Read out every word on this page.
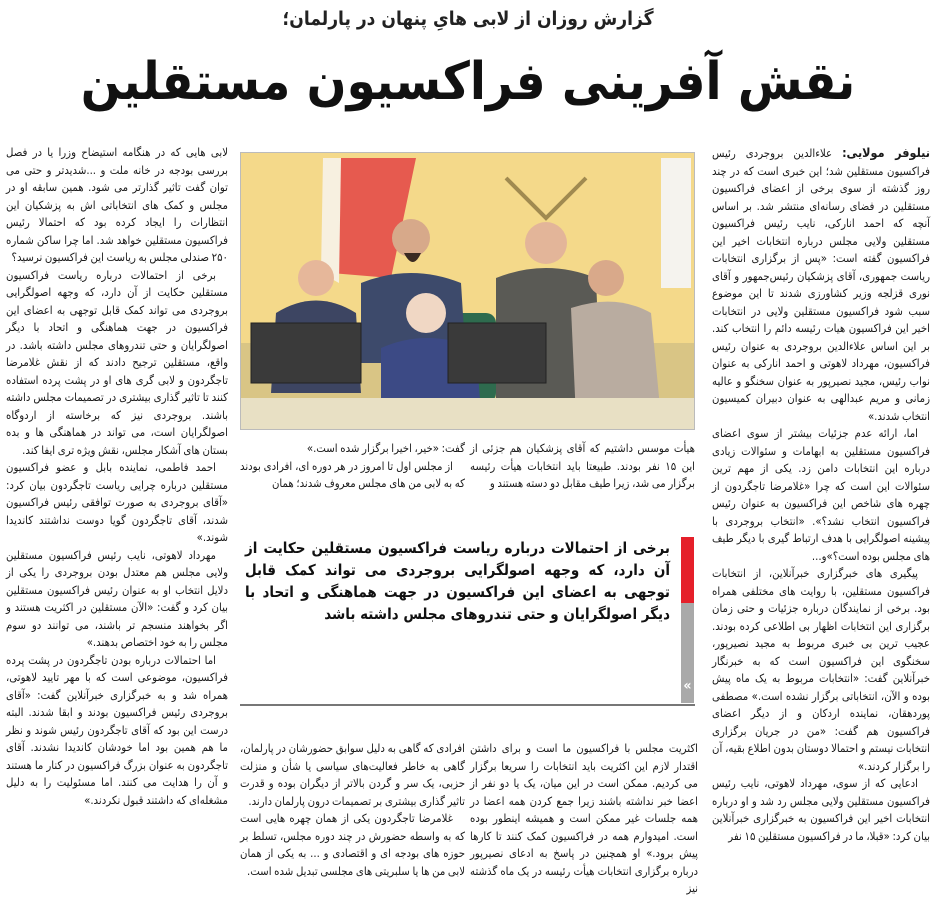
گزارش روزان از لابی هایِ پنهان در پارلمان؛
نقش آفرینی فراکسیون مستقلین

نیلوفر مولایی: علاءالدین بروجردی رئیس فراکسیون مستقلین شد؛ این خبری است که در چند روز گذشته از سوی برخی از اعضای فراکسیون مستقلین در فضای رسانه‌ای منتشر شد. بر اساس آنچه که احمد انارکی، نایب رئیس فراکسیون مستقلین ولایی مجلس درباره انتخابات اخیر این فراکسیون گفته است: «پس از برگزاری انتخابات ریاست جمهوری، آقای پزشکیان رئیس‌جمهور و آقای نوری قزلجه وزیر کشاورزی شدند تا این موضوع سبب شود فراکسیون مستقلین ولایی در انتخابات اخیر این فراکسیون هیات رئیسه دائم را انتخاب کند. بر این اساس علاءالدین بروجردی به عنوان رئیس فراکسیون، مهرداد لاهوتی و احمد انارکی به عنوان نواب رئیس، مجید نصیرپور به عنوان سخنگو و عالیه زمانی و مریم عبدالهی به عنوان دبیران کمیسیون انتخاب شدند.»

اما، ارائه عدم جزئیات بیشتر از سوی اعضای فراکسیون مستقلین به ابهامات و سئوالات زیادی درباره این انتخابات دامن زد. یکی از مهم ترین سئوالات این است که چرا «غلامرضا تاجگردون از چهره های شاخص این فراکسیون به عنوان رئیس فراکسیون انتخاب نشد؟». «انتخاب بروجردی با پیشینه اصولگرایی با هدف ارتباط گیری با دیگر طیف های مجلس بوده است؟»و...

پیگیری های خبرگزاری خبرآنلاین، از انتخابات فراکسیون مستقلین، با روایت های مختلفی همراه بود. برخی از نمایندگان درباره جزئیات و حتی زمان برگزاری این انتخابات اظهار بی اطلاعی کرده بودند. عجیب ترین بی خبری مربوط به مجید نصیرپور، سخنگوی این فراکسیون است که به خبرنگار خبرآنلاین گفت: «انتخابات مربوط به یک ماه پیش بوده و الآن، انتخاباتی برگزار نشده است.» مصطفی پوردهقان، نماینده اردکان و از دیگر اعضای فراکسیون هم گفت: «من در جریان برگزاری انتخابات نیستم و احتمالا دوستان بدون اطلاع بقیه، آن را برگزار کردند.»

ادعایی که از سوی، مهرداد لاهوتی، نایب رئیس فراکسیون مستقلین ولایی مجلس رد شد و او درباره انتخابات اخیر این فراکسیون به خبرگزاری خبرآنلاین بیان کرد: «قبلا، ما در فراکسیون مستقلین ۱۵ نفر

هیأت موسس داشتیم که آقای پزشکیان هم جزئی از این ۱۵ نفر بودند. طبیعتا باید انتخابات هیأت رئیسه برگزار می شد، زیرا طیف مقابل دو دسته هستند و

گفت: «خیر، اخیرا برگزار شده است.»

از مجلس اول تا امروز در هر دوره ای، افرادی بودند که به لابی من های مجلس معروف شدند؛ همان

برخی از احتمالات درباره ریاست فراکسیون مستقلین حکایت از آن دارد، که وجهه اصولگرایی بروجردی می تواند کمک قابل توجهی به اعضای این فراکسیون در جهت هماهنگی و اتحاد با دیگر اصولگرایان و حتی تندروهای مجلس داشته باشد
«

اکثریت مجلس با فراکسیون ما است و برای داشتن اقتدار لازم این اکثریت باید انتخابات را سریعا برگزار می کردیم. ممکن است در این میان، یک یا دو نفر از اعضا خبر نداشته باشند زیرا جمع کردن همه اعضا در همه جلسات غیر ممکن است و همیشه اینطور بوده است. امیدوارم همه در فراکسیون کمک کنند تا کارها پیش برود.» او همچنین در پاسخ به ادعای نصیرپور درباره برگزاری انتخابات هیأت رئیسه در یک ماه گذشته نیز

افرادی که گاهی به دلیل سوابق حضورشان در پارلمان، گاهی به خاطر فعالیت‌های سیاسی یا شأن و منزلت حزبی، یک سر و گردن بالاتر از دیگران بوده و قدرت تاثیر گذاری بیشتری بر تصمیمات درون پارلمان دارند.

غلامرضا تاجگردون یکی از همان چهره هایی است که به واسطه حضورش در چند دوره مجلس، تسلط بر حوزه های بودجه ای و اقتصادی و ... به یکی از همان لابی من ها یا سلبریتی های مجلسی تبدیل شده است.

لابی هایی که در هنگامه استیضاح وزرا یا در فصل بررسی بودجه در خانه ملت و ...شدیدتر و حتی می توان گفت تاثیر گذارتر می شود. همین سابقه او در مجلس و کمک های انتخاباتی اش به پزشکیان این انتظارات را ایجاد کرده بود که احتمالا رئیس فراکسیون مستقلین خواهد شد. اما چرا ساکن شماره ۲۵۰ صندلی مجلس به ریاست این فراکسیون نرسید؟

برخی از احتمالات درباره ریاست فراکسیون مستقلین حکایت از آن دارد، که وجهه اصولگرایی بروجردی می تواند کمک قابل توجهی به اعضای این فراکسیون در جهت هماهنگی و اتحاد با دیگر اصولگرایان و حتی تندروهای مجلس داشته باشد. در واقع، مستقلین ترجیح دادند که از نقش غلامرضا تاجگردون و لابی گری های او در پشت پرده استفاده کنند تا تاثیر گذاری بیشتری در تصمیمات مجلس داشته باشند. بروجردی نیز که برخاسته از اردوگاه اصولگرایان است، می تواند در هماهنگی ها و بده بستان های آشکار مجلس، نقش ویژه تری ایفا کند.

احمد فاطمی، نماینده بابل و عضو فراکسیون مستقلین درباره چرایی ریاست تاجگردون بیان کرد: «آقای بروجردی به صورت توافقی رئیس فراکسیون شدند، آقای تاجگردون گویا دوست نداشتند کاندیدا شوند.»

مهرداد لاهوتی، نایب رئیس فراکسیون مستقلین ولایی مجلس هم معتدل بودن بروجردی را یکی از دلایل انتخاب او به عنوان رئیس فراکسیون مستقلین بیان کرد و گفت: «الآن مستقلین در اکثریت هستند و اگر بخواهند منسجم تر باشند، می توانند دو سوم مجلس را به خود اختصاص بدهند.»

اما احتمالات درباره بودن تاجگردون در پشت پرده فراکسیون، موضوعی است که با مهر تایید لاهوتی، همراه شد و به خبرگزاری خبرآنلاین گفت: «آقای بروجردی رئیس فراکسیون بودند و ابقا شدند. البته درست این بود که آقای تاجگردون رئیس شوند و نظر ما هم همین بود اما خودشان کاندیدا نشدند. آقای تاجگردون به عنوان بزرگ فراکسیون در کنار ما هستند و آن را هدایت می کنند. اما مسئولیت را به دلیل مشغله‌ای که داشتند قبول نکردند.»
